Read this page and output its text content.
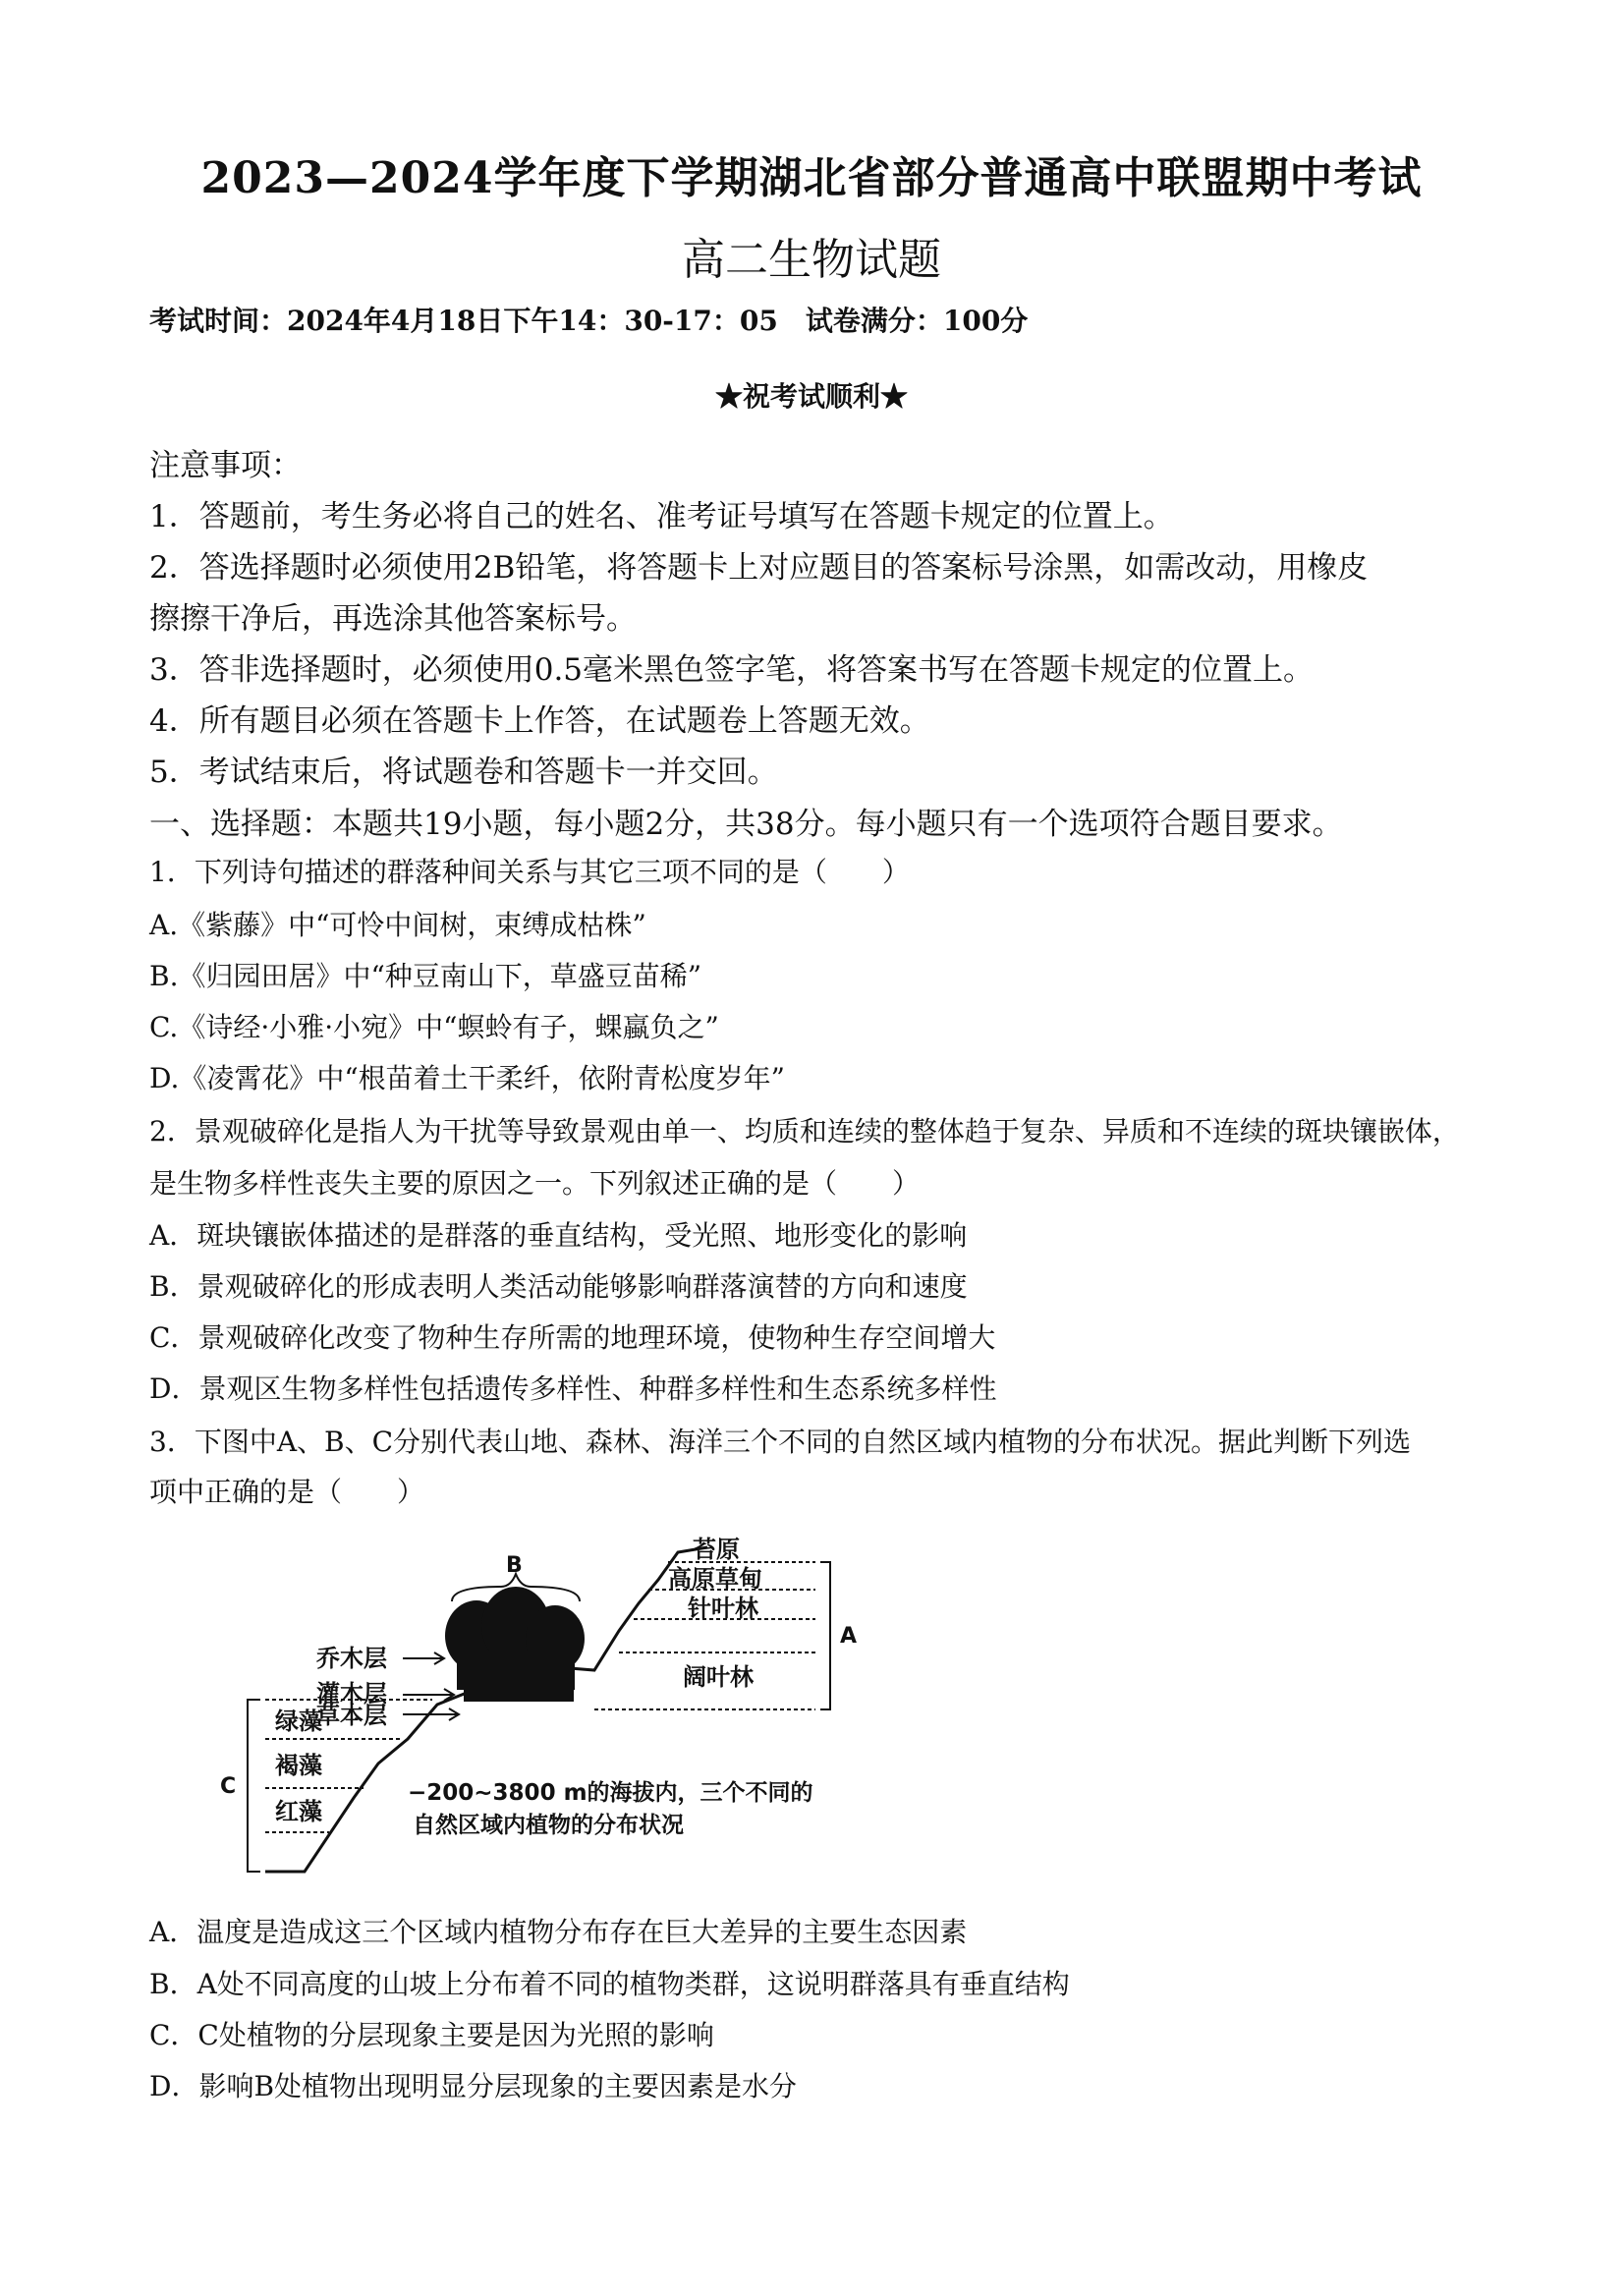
2023—2024学年度下学期湖北省部分普通高中联盟期中考试
高二生物试题
考试时间：2024年4月18日下午14：30-17：05　试卷满分：100分
★祝考试顺利★
注意事项：
1．答题前，考生务必将自己的姓名、准考证号填写在答题卡规定的位置上。
2．答选择题时必须使用2B铅笔，将答题卡上对应题目的答案标号涂黑，如需改动，用橡皮
擦擦干净后，再选涂其他答案标号。
3．答非选择题时，必须使用0.5毫米黑色签字笔，将答案书写在答题卡规定的位置上。
4．所有题目必须在答题卡上作答，在试题卷上答题无效。
5．考试结束后，将试题卷和答题卡一并交回。
一、选择题：本题共19小题，每小题2分，共38分。每小题只有一个选项符合题目要求。
1．下列诗句描述的群落种间关系与其它三项不同的是（　　）
A.《紫藤》中“可怜中间树，束缚成枯株”
B.《归园田居》中“种豆南山下，草盛豆苗稀”
C.《诗经·小雅·小宛》中“螟蛉有子，蜾蠃负之”
D.《凌霄花》中“根苗着土干柔纤，依附青松度岁年”
2．景观破碎化是指人为干扰等导致景观由单一、均质和连续的整体趋于复杂、异质和不连续的斑块镶嵌体，
是生物多样性丧失主要的原因之一。下列叙述正确的是（　　）
A．斑块镶嵌体描述的是群落的垂直结构，受光照、地形变化的影响
B．景观破碎化的形成表明人类活动能够影响群落演替的方向和速度
C．景观破碎化改变了物种生存所需的地理环境，使物种生存空间增大
D．景观区生物多样性包括遗传多样性、种群多样性和生态系统多样性
3．下图中A、B、C分别代表山地、森林、海洋三个不同的自然区域内植物的分布状况。据此判断下列选
项中正确的是（　　）
B
A
C
苔原
高原草甸
针叶林
阔叶林
乔木层
灌木层
草本层
绿藻
褐藻
红藻
−200~3800 m的海拔内，三个不同的
自然区域内植物的分布状况
A．温度是造成这三个区域内植物分布存在巨大差异的主要生态因素
B．A处不同高度的山坡上分布着不同的植物类群，这说明群落具有垂直结构
C．C处植物的分层现象主要是因为光照的影响
D．影响B处植物出现明显分层现象的主要因素是水分
